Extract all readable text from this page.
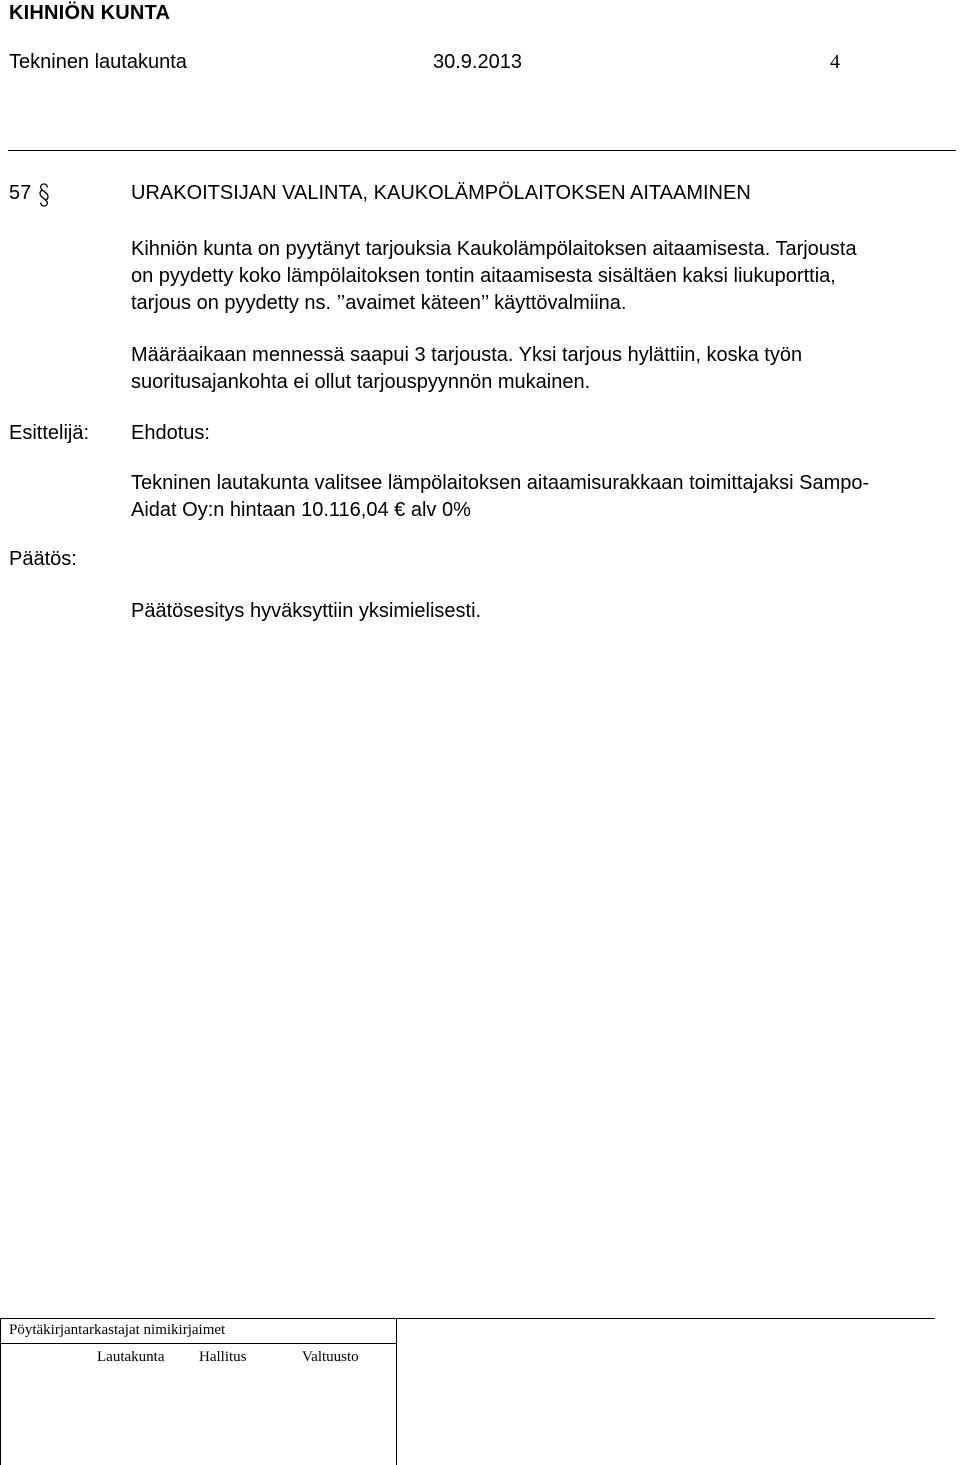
KIHNIÖN KUNTA
Tekninen lautakunta	30.9.2013	4
57	URAKOITSIJAN VALINTA, KAUKOLÄMPÖLAITOKSEN AITAAMINEN
Kihniön kunta on pyytänyt tarjouksia Kaukolämpölaitoksen aitaamisesta. Tarjousta
on pyydetty koko lämpölaitoksen tontin aitaamisesta sisältäen kaksi liukuporttia,
tarjous on pyydetty ns. ’’avaimet käteen’’ käyttövalmiina.
Määräaikaan mennessä saapui 3 tarjousta. Yksi tarjous hylättiin, koska työn
suoritusajankohta ei ollut tarjouspyynnön mukainen.
Esittelijä: Ehdotus:
Tekninen lautakunta valitsee lämpölaitoksen aitaamisurakkaan toimittajaksi Sampo-
Aidat Oy:n hintaan 10.116,04 € alv 0%
Päätös:
Päätösesitys hyväksyttiin yksimielisesti.
Pöytäkirjantarkastajat nimikirjaimet
Lautakunta Hallitus	Valtuusto
